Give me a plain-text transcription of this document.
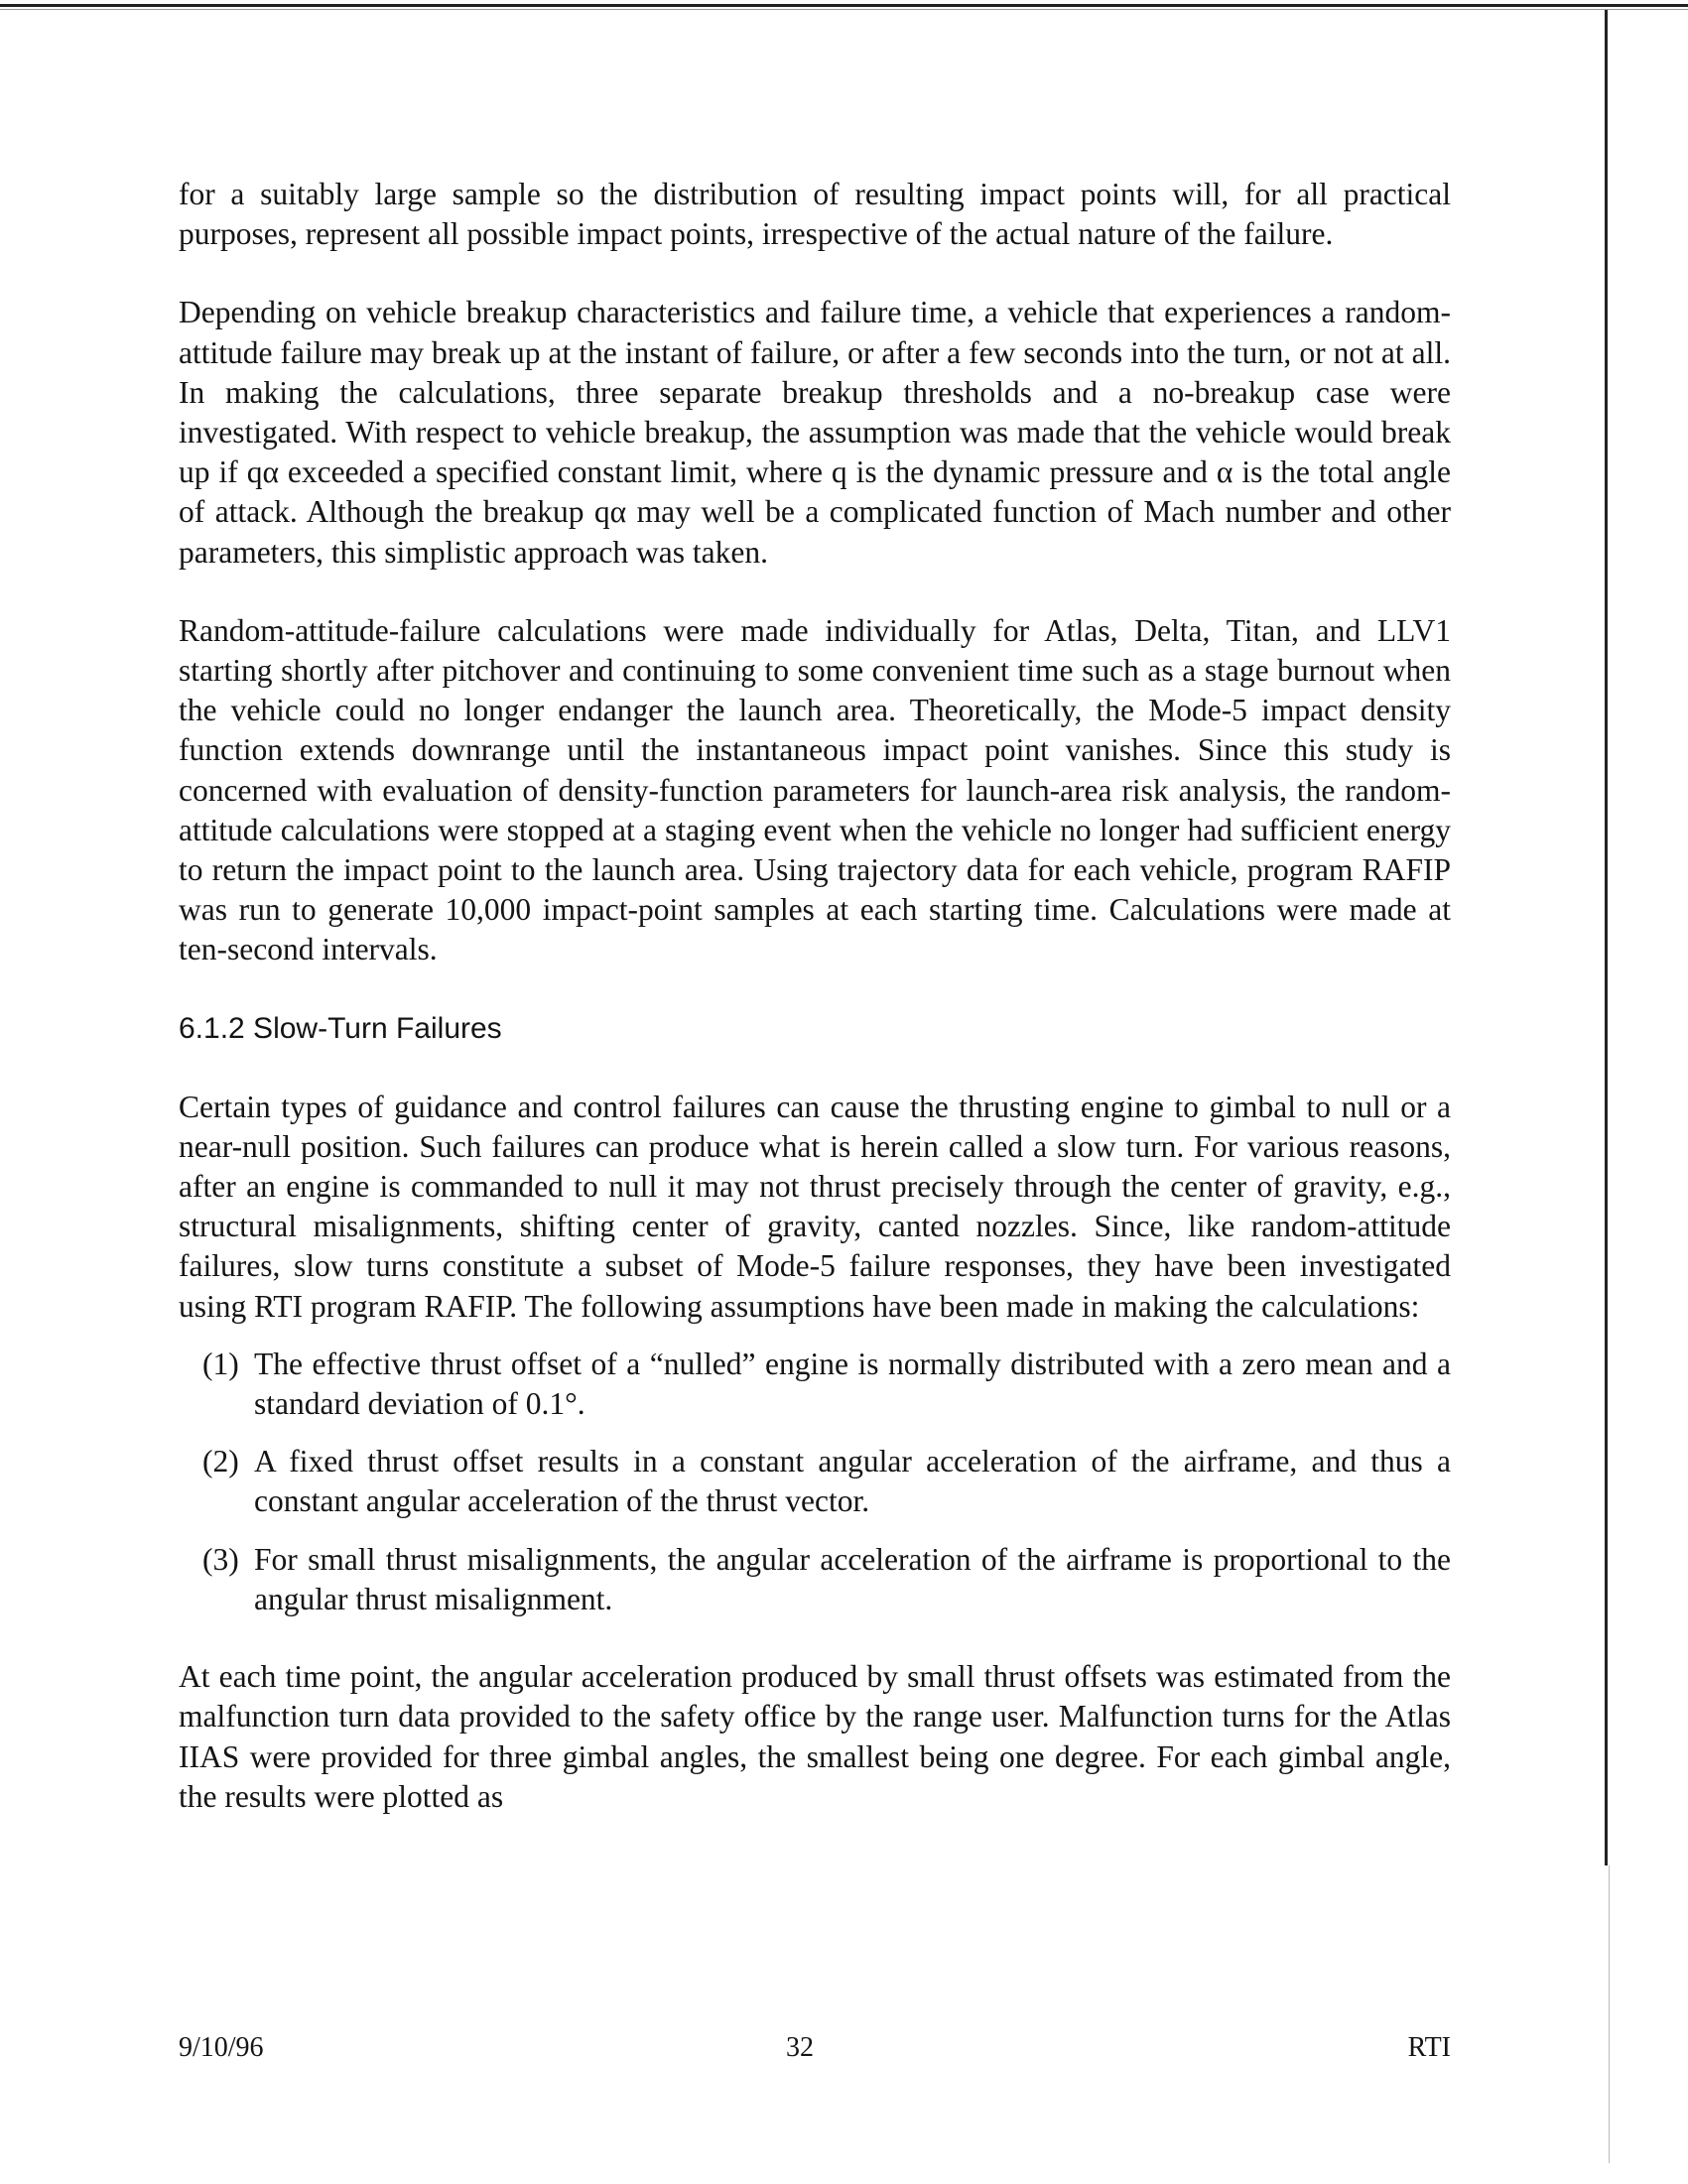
for a suitably large sample so the distribution of resulting impact points will, for all practical purposes, represent all possible impact points, irrespective of the actual nature of the failure.

Depending on vehicle breakup characteristics and failure time, a vehicle that experiences a random-attitude failure may break up at the instant of failure, or after a few seconds into the turn, or not at all. In making the calculations, three separate breakup thresholds and a no-breakup case were investigated. With respect to vehicle breakup, the assumption was made that the vehicle would break up if qα exceeded a specified constant limit, where q is the dynamic pressure and α is the total angle of attack. Although the breakup qα may well be a complicated function of Mach number and other parameters, this simplistic approach was taken.

Random-attitude-failure calculations were made individually for Atlas, Delta, Titan, and LLV1 starting shortly after pitchover and continuing to some convenient time such as a stage burnout when the vehicle could no longer endanger the launch area. Theoretically, the Mode-5 impact density function extends downrange until the instantaneous impact point vanishes. Since this study is concerned with evaluation of density-function parameters for launch-area risk analysis, the random-attitude calculations were stopped at a staging event when the vehicle no longer had sufficient energy to return the impact point to the launch area. Using trajectory data for each vehicle, program RAFIP was run to generate 10,000 impact-point samples at each starting time. Calculations were made at ten-second intervals.

6.1.2 Slow-Turn Failures

Certain types of guidance and control failures can cause the thrusting engine to gimbal to null or a near-null position. Such failures can produce what is herein called a slow turn. For various reasons, after an engine is commanded to null it may not thrust precisely through the center of gravity, e.g., structural misalignments, shifting center of gravity, canted nozzles. Since, like random-attitude failures, slow turns constitute a subset of Mode-5 failure responses, they have been investigated using RTI program RAFIP. The following assumptions have been made in making the calculations:

(1) The effective thrust offset of a “nulled” engine is normally distributed with a zero mean and a standard deviation of 0.1°.
(2) A fixed thrust offset results in a constant angular acceleration of the airframe, and thus a constant angular acceleration of the thrust vector.
(3) For small thrust misalignments, the angular acceleration of the airframe is proportional to the angular thrust misalignment.

At each time point, the angular acceleration produced by small thrust offsets was estimated from the malfunction turn data provided to the safety office by the range user. Malfunction turns for the Atlas IIAS were provided for three gimbal angles, the smallest being one degree. For each gimbal angle, the results were plotted as

9/10/96	32	RTI
